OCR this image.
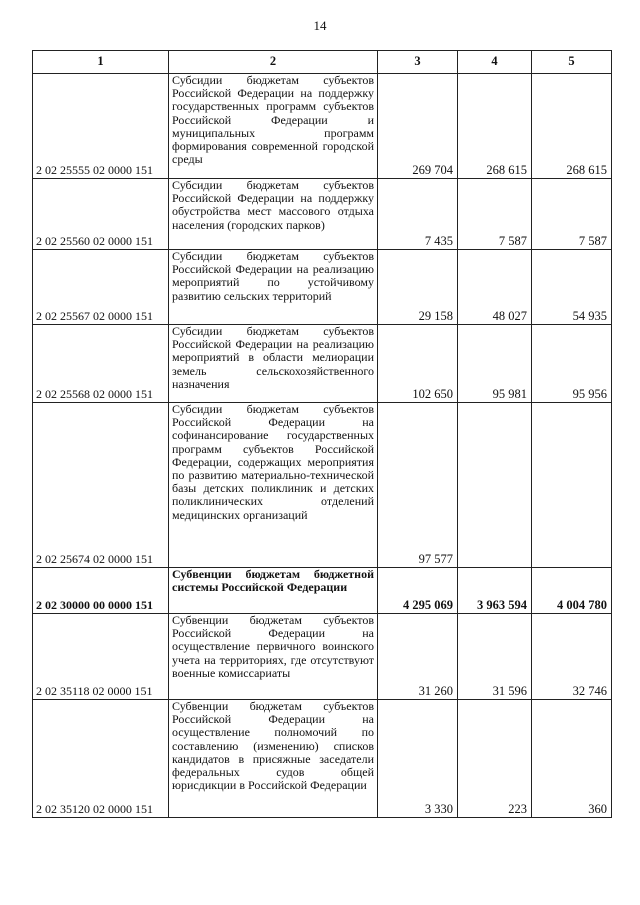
14
1	2	3	4	5
2 02 25555 02 0000 151	Субсидии бюджетам субъектов Российской Федерации на поддержку государственных программ субъектов Российской Федерации и муниципальных программ формирования современной городской среды	269 704	268 615	268 615
2 02 25560 02 0000 151	Субсидии бюджетам субъектов Российской Федерации на поддержку обустройства мест массового отдыха населения (городских парков)	7 435	7 587	7 587
2 02 25567 02 0000 151	Субсидии бюджетам субъектов Российской Федерации на реализацию мероприятий по устойчивому развитию сельских территорий	29 158	48 027	54 935
2 02 25568 02 0000 151	Субсидии бюджетам субъектов Российской Федерации на реализацию мероприятий в области мелиорации земель сельскохозяйственного назначения	102 650	95 981	95 956
2 02 25674 02 0000 151	Субсидии бюджетам субъектов Российской Федерации на софинансирование государственных программ субъектов Российской Федерации, содержащих мероприятия по развитию материально-технической базы детских поликлиник и детских поликлинических отделений медицинских организаций	97 577		
2 02 30000 00 0000 151	Субвенции бюджетам бюджетной системы Российской Федерации	4 295 069	3 963 594	4 004 780
2 02 35118 02 0000 151	Субвенции бюджетам субъектов Российской Федерации на осуществление первичного воинского учета на территориях, где отсутствуют военные комиссариаты	31 260	31 596	32 746
2 02 35120 02 0000 151	Субвенции бюджетам субъектов Российской Федерации на осуществление полномочий по составлению (изменению) списков кандидатов в присяжные заседатели федеральных судов общей юрисдикции в Российской Федерации	3 330	223	360
